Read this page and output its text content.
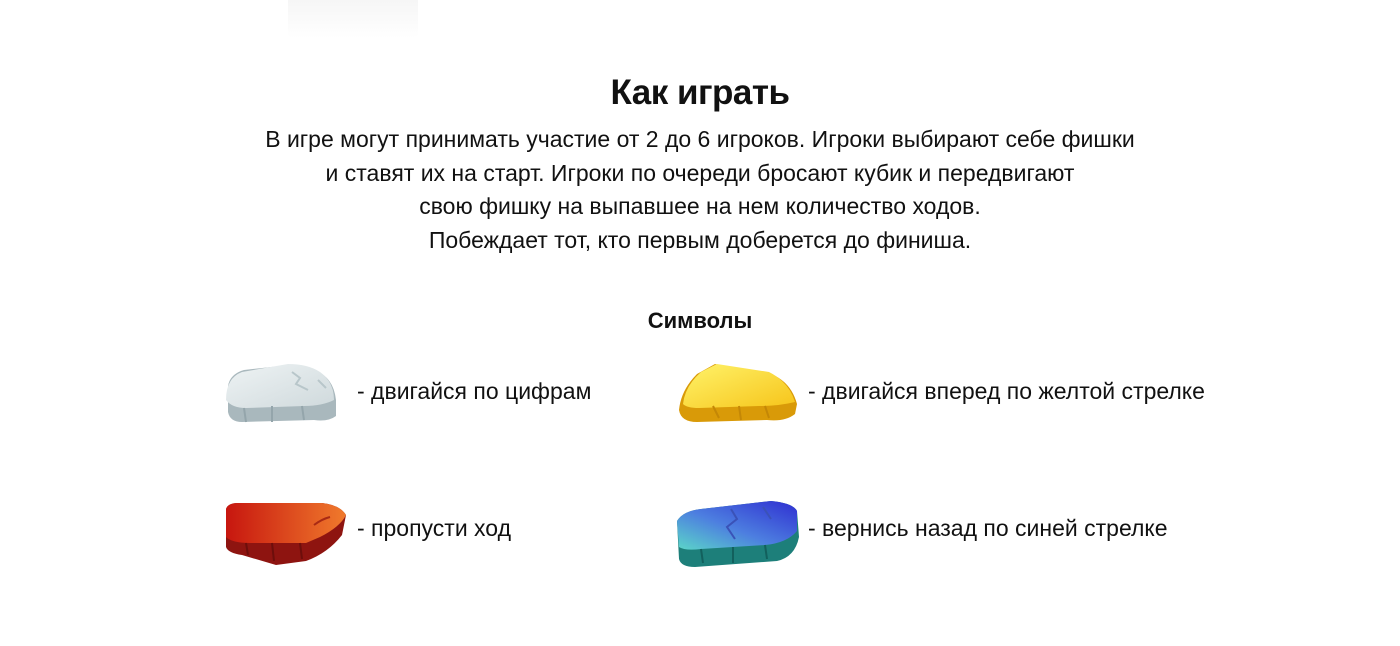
Как играть
В игре могут принимать участие от 2 до 6 игроков. Игроки выбирают себе фишки
и ставят их на старт. Игроки по очереди бросают кубик и передвигают
свою фишку на выпавшее на нем количество ходов.
Побеждает тот, кто первым доберется до финиша.
Символы
- двигайся по цифрам	- двигайся вперед по желтой стрелке
- пропусти ход	- вернись назад по синей стрелке
